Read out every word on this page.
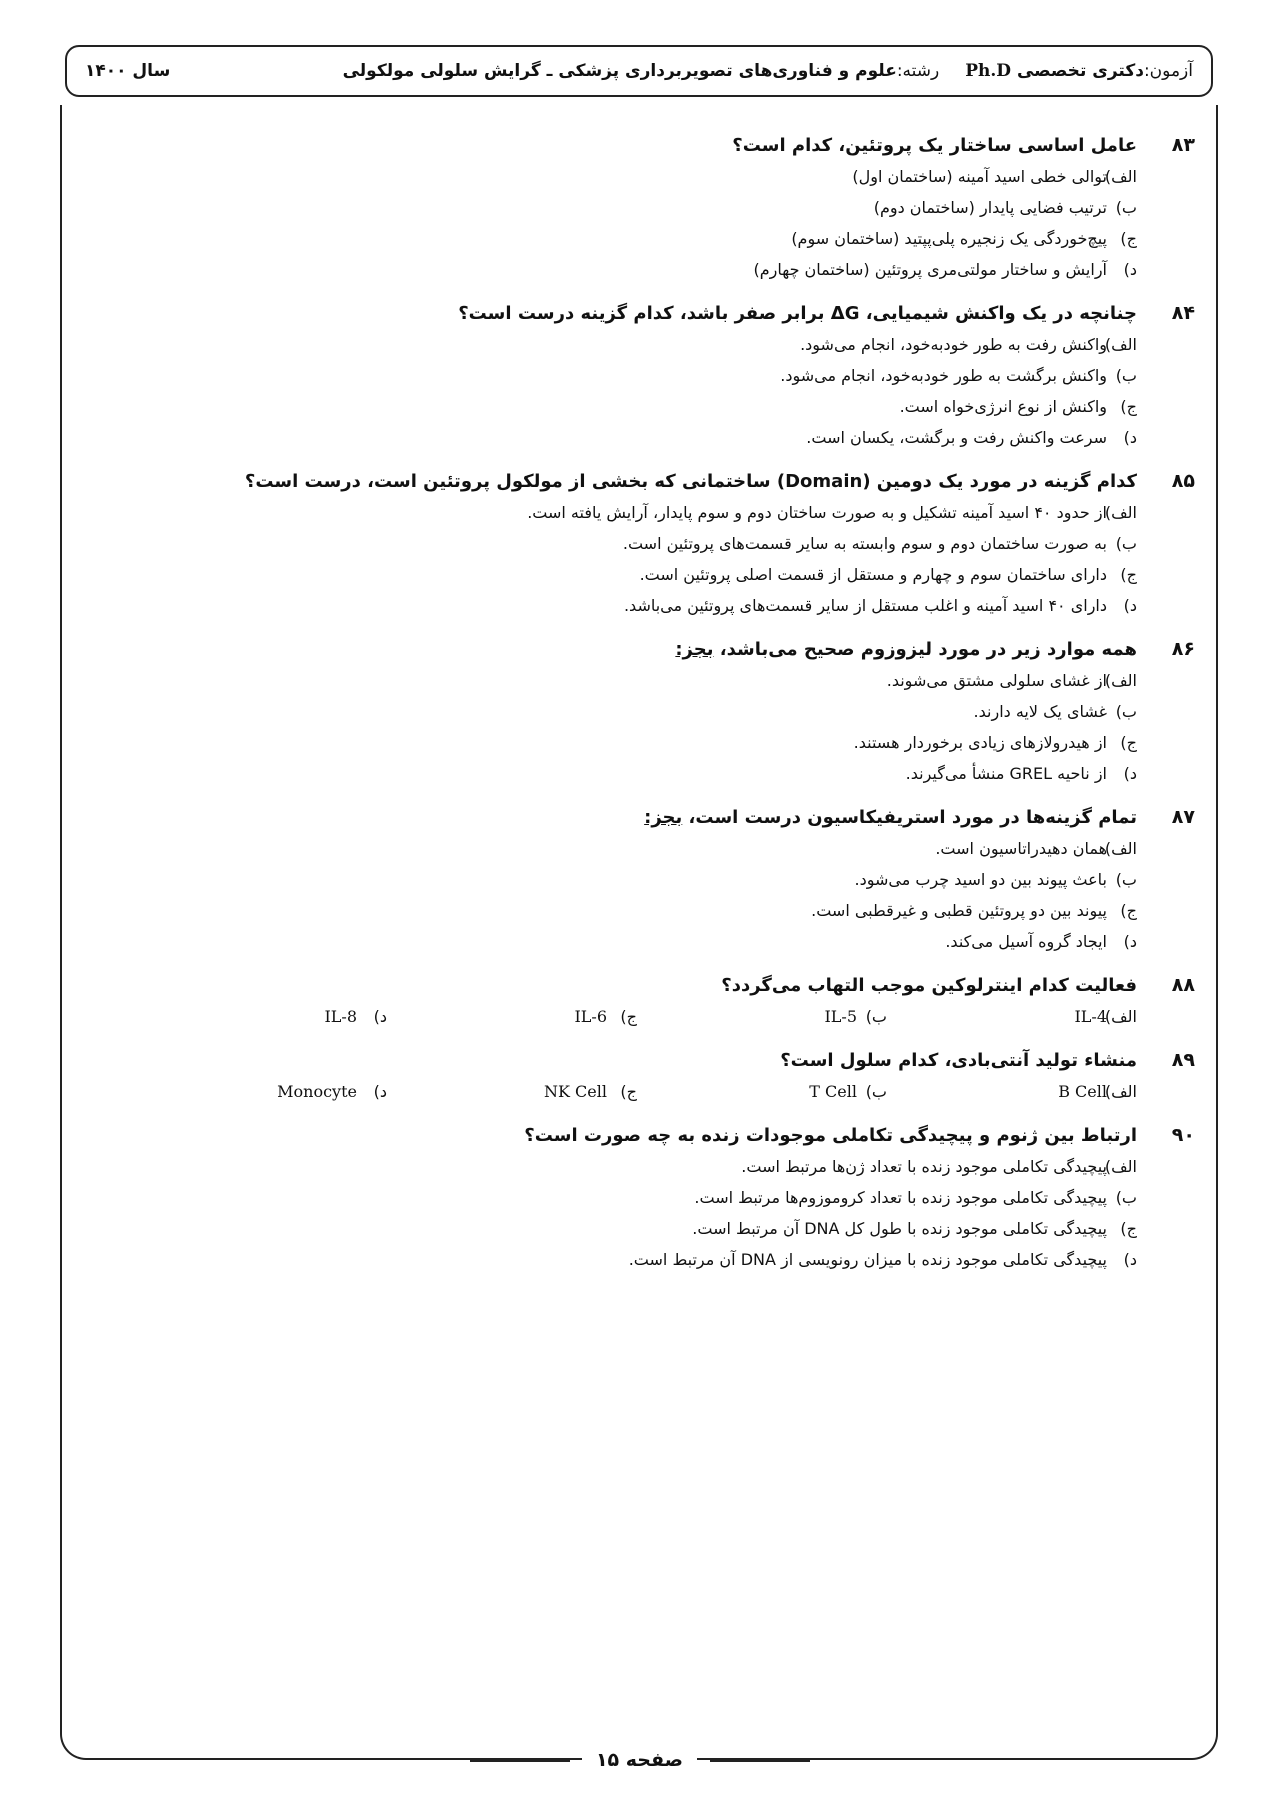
آزمون:
دکتری تخصصی Ph.D
رشته:
علوم و فناوری‌های تصویربرداری پزشکی ـ گرایش سلولی مولکولی
سال ۱۴۰۰
۸۳
عامل اساسی ساختار یک پروتئین، کدام است؟
الف)
توالی خطی اسید آمینه (ساختمان اول)
ب)
ترتیب فضایی پایدار (ساختمان دوم)
ج)
پیچ‌خوردگی یک زنجیره پلی‌پپتید (ساختمان سوم)
د)
آرایش و ساختار مولتی‌مری پروتئین (ساختمان چهارم)
۸۴
چنانچه در یک واکنش شیمیایی، ΔG برابر صفر باشد، کدام گزینه درست است؟
الف)
واکنش رفت به طور خودبه‌خود، انجام می‌شود.
ب)
واکنش برگشت به طور خودبه‌خود، انجام می‌شود.
ج)
واکنش از نوع انرژی‌خواه است.
د)
سرعت واکنش رفت و برگشت، یکسان است.
۸۵
کدام گزینه در مورد یک دومین (Domain) ساختمانی که بخشی از مولکول پروتئین است، درست است؟
الف)
از حدود ۴۰ اسید آمینه تشکیل و به صورت ساختان دوم و سوم پایدار، آرایش یافته است.
ب)
به صورت ساختمان دوم و سوم وابسته به سایر قسمت‌های پروتئین است.
ج)
دارای ساختمان سوم و چهارم و مستقل از قسمت اصلی پروتئین است.
د)
دارای ۴۰ اسید آمینه و اغلب مستقل از سایر قسمت‌های پروتئین می‌باشد.
۸۶
همه موارد زیر در مورد لیزوزوم صحیح می‌باشد، بجز:
الف)
از غشای سلولی مشتق می‌شوند.
ب)
غشای یک لایه دارند.
ج)
از هیدرولازهای زیادی برخوردار هستند.
د)
از ناحیه GREL منشأ می‌گیرند.
۸۷
تمام گزینه‌ها در مورد استریفیکاسیون درست است، بجز:
الف)
همان دهیدراتاسیون است.
ب)
باعث پیوند بین دو اسید چرب می‌شود.
ج)
پیوند بین دو پروتئین قطبی و غیرقطبی است.
د)
ایجاد گروه آسیل می‌کند.
۸۸
فعالیت کدام اینترلوکین موجب التهاب می‌گردد؟
الف)
IL-4
ب)
IL-5
ج)
IL-6
د)
IL-8
۸۹
منشاء تولید آنتی‌بادی، کدام سلول است؟
الف)
B Cell
ب)
T Cell
ج)
NK Cell
د)
Monocyte
۹۰
ارتباط بین ژنوم و پیچیدگی تکاملی موجودات زنده به چه صورت است؟
الف)
پیچیدگی تکاملی موجود زنده با تعداد ژن‌ها مرتبط است.
ب)
پیچیدگی تکاملی موجود زنده با تعداد کروموزوم‌ها مرتبط است.
ج)
پیچیدگی تکاملی موجود زنده با طول کل DNA آن مرتبط است.
د)
پیچیدگی تکاملی موجود زنده با میزان رونویسی از DNA آن مرتبط است.
صفحه ۱۵
